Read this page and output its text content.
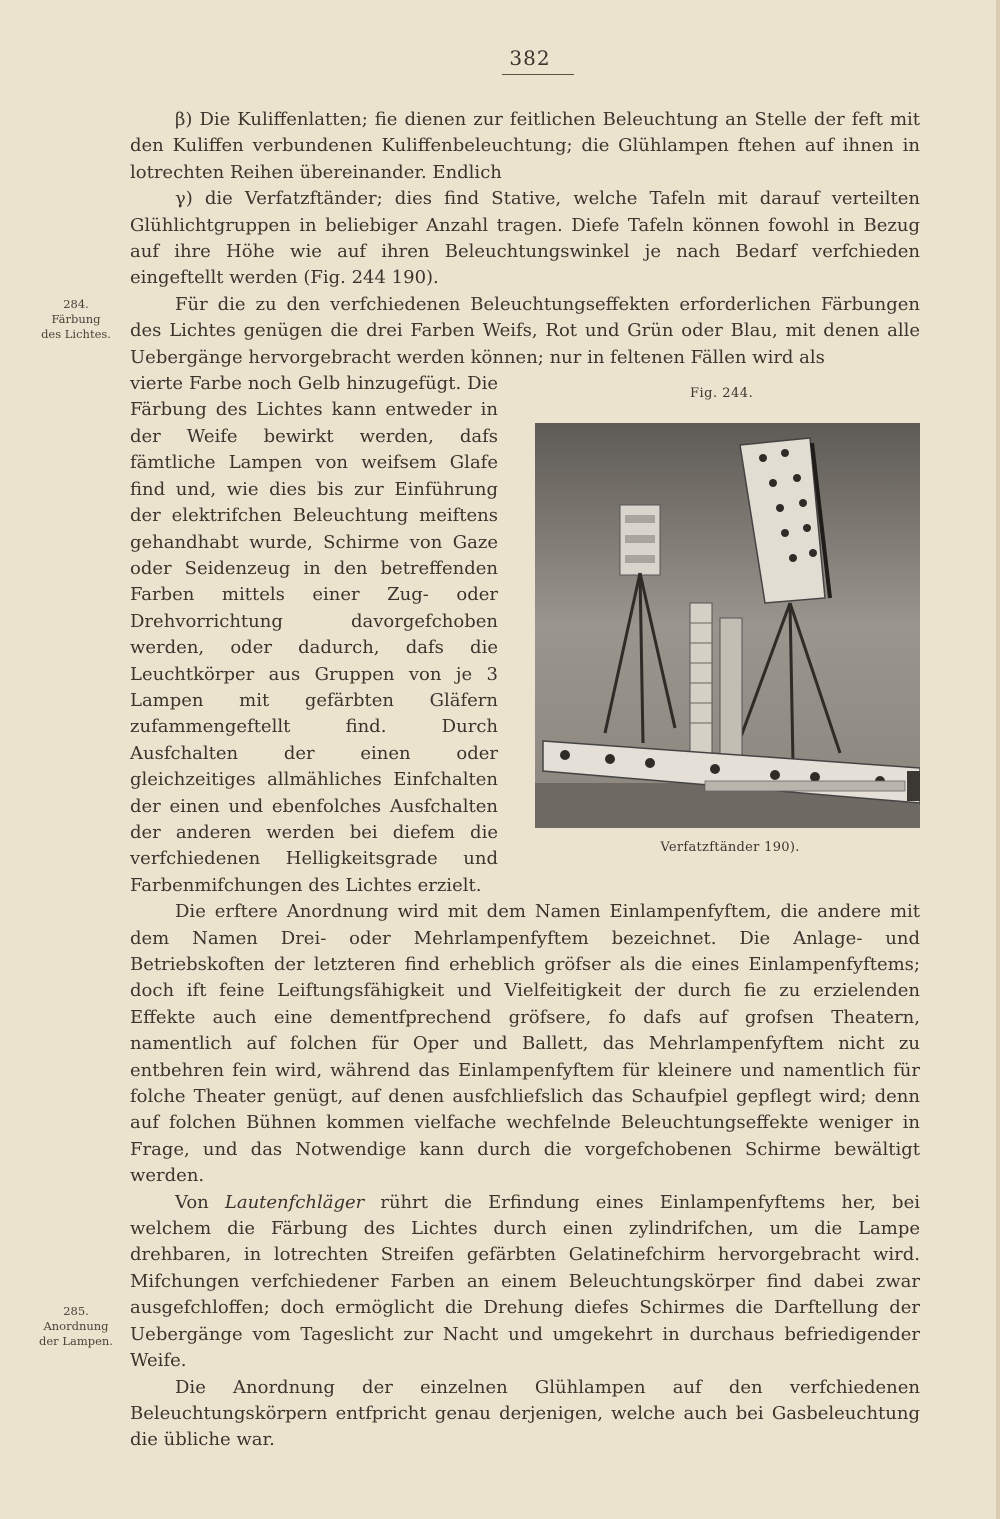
382
284.
Färbung
des Lichtes.
285.
Anordnung
der Lampen.
Fig. 244.
Verfatzftänder 190).

β) Die Kuliffenlatten; fie dienen zur feitlichen Beleuchtung an Stelle der feft mit den Kuliffen verbundenen Kuliffenbeleuchtung; die Glühlampen ftehen auf ihnen in lotrechten Reihen übereinander. Endlich

γ) die Verfatzftänder; dies find Stative, welche Tafeln mit darauf verteilten Glühlichtgruppen in beliebiger Anzahl tragen. Diefe Tafeln können fowohl in Bezug auf ihre Höhe wie auf ihren Beleuchtungswinkel je nach Bedarf verfchieden eingeftellt werden (Fig. 244 190).

Für die zu den verfchiedenen Beleuchtungseffekten erforderlichen Färbungen des Lichtes genügen die drei Farben Weifs, Rot und Grün oder Blau, mit denen alle Uebergänge hervorgebracht werden können; nur in feltenen Fällen wird als

vierte Farbe noch Gelb hinzugefügt. Die Färbung des Lichtes kann entweder in der Weife bewirkt werden, dafs fämtliche Lampen von weifsem Glafe find und, wie dies bis zur Einführung der elektrifchen Beleuchtung meiftens gehandhabt wurde, Schirme von Gaze oder Seidenzeug in den betreffenden Farben mittels einer Zug- oder Drehvorrichtung davorgefchoben werden, oder dadurch, dafs die Leuchtkörper aus Gruppen von je 3 Lampen mit gefärbten Gläfern zufammengeftellt find. Durch Ausfchalten der einen oder gleichzeitiges allmähliches Einfchalten der einen und ebenfolches Ausfchalten der anderen werden bei diefem die verfchiedenen Helligkeitsgrade und Farbenmifchungen des Lichtes erzielt.

Die erftere Anordnung wird mit dem Namen Einlampenfyftem, die andere mit dem Namen Drei- oder Mehrlampenfyftem bezeichnet. Die Anlage- und Betriebskoften der letzteren find erheblich gröfser als die eines Einlampenfyftems; doch ift feine Leiftungsfähigkeit und Vielfeitigkeit der durch fie zu erzielenden Effekte auch eine dementfprechend gröfsere, fo dafs auf grofsen Theatern, namentlich auf folchen für Oper und Ballett, das Mehrlampenfyftem nicht zu entbehren fein wird, während das Einlampenfyftem für kleinere und namentlich für folche Theater genügt, auf denen ausfchliefslich das Schaufpiel gepflegt wird; denn auf folchen Bühnen kommen vielfache wechfelnde Beleuchtungseffekte weniger in Frage, und das Notwendige kann durch die vorgefchobenen Schirme bewältigt werden.

Von Lautenfchläger rührt die Erfindung eines Einlampenfyftems her, bei welchem die Färbung des Lichtes durch einen zylindrifchen, um die Lampe drehbaren, in lotrechten Streifen gefärbten Gelatinefchirm hervorgebracht wird. Mifchungen verfchiedener Farben an einem Beleuchtungskörper find dabei zwar ausgefchloffen; doch ermöglicht die Drehung diefes Schirmes die Darftellung der Uebergänge vom Tageslicht zur Nacht und umgekehrt in durchaus befriedigender Weife.

Die Anordnung der einzelnen Glühlampen auf den verfchiedenen Beleuchtungskörpern entfpricht genau derjenigen, welche auch bei Gasbeleuchtung die übliche war.
